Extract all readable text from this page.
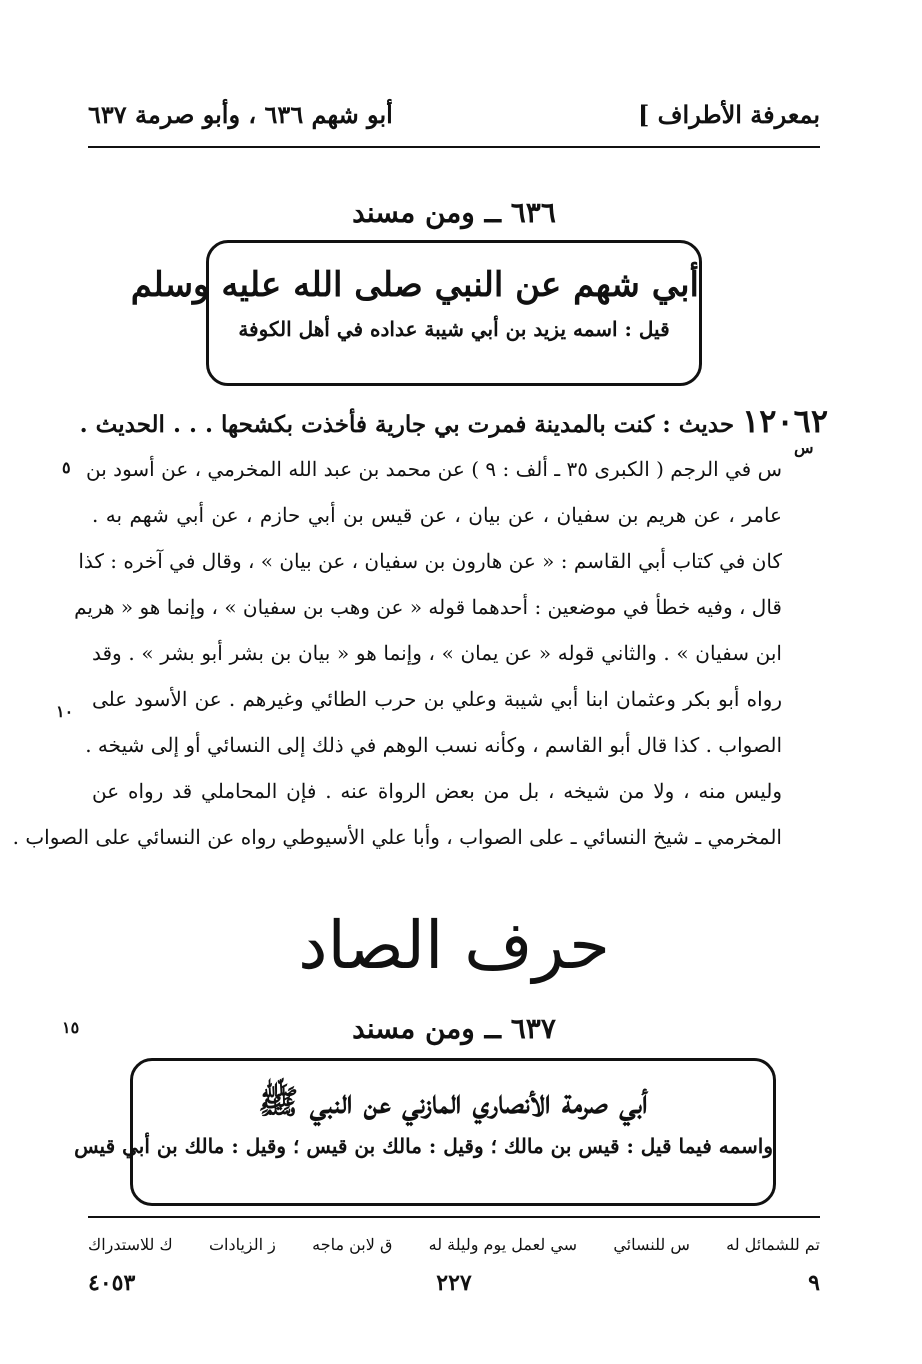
بمعرفة الأطراف ]
أبو شهم ٦٣٦ ، وأبو صرمة ٦٣٧
٦٣٦ ــ ومن مسند
أبي شهم عن النبي صلى الله عليه وسلم
قيل : اسمه يزيد بن أبي شيبة عداده في أهل الكوفة
١٢٠٦٢ حديث : كنت بالمدينة فمرت بي جارية فأخذت بكشحها . . . الحديث .
س
س في الرجم ( الكبرى ٣٥ ـ ألف : ٩ ) عن محمد بن عبد الله المخرمي ، عن أسود بن
عامر ، عن هريم بن سفيان ، عن بيان ، عن قيس بن أبي حازم ، عن أبي شهم به .
كان في كتاب أبي القاسم : « عن هارون بن سفيان ، عن بيان » ، وقال في آخره : كذا
قال ، وفيه خطأ في موضعين : أحدهما قوله « عن وهب بن سفيان » ، وإنما هو « هريم
ابن سفيان » . والثاني قوله « عن يمان » ، وإنما هو « بيان بن بشر أبو بشر » . وقد
رواه أبو بكر وعثمان ابنا أبي شيبة وعلي بن حرب الطائي وغيرهم . عن الأسود على
الصواب . كذا قال أبو القاسم ، وكأنه نسب الوهم في ذلك إلى النسائي أو إلى شيخه .
وليس منه ، ولا من شيخه ، بل من بعض الرواة عنه . فإن المحاملي قد رواه عن
المخرمي ـ شيخ النسائي ـ على الصواب ، وأبا علي الأسيوطي رواه عن النسائي على الصواب .
٥
١٠
حرف الصاد
٦٣٧ ــ ومن مسند
١٥
أبي صرمة الأنصاري المازني عن النبي ﷺ
واسمه فيما قيل : قيس بن مالك ؛ وقيل : مالك بن قيس ؛ وقيل : مالك بن أبي قيس
تم للشمائل له
س للنسائي
سي لعمل يوم وليلة له
ق لابن ماجه
ز الزيادات
ك للاستدراك
٩
٢٢٧
٤٠٥٣
